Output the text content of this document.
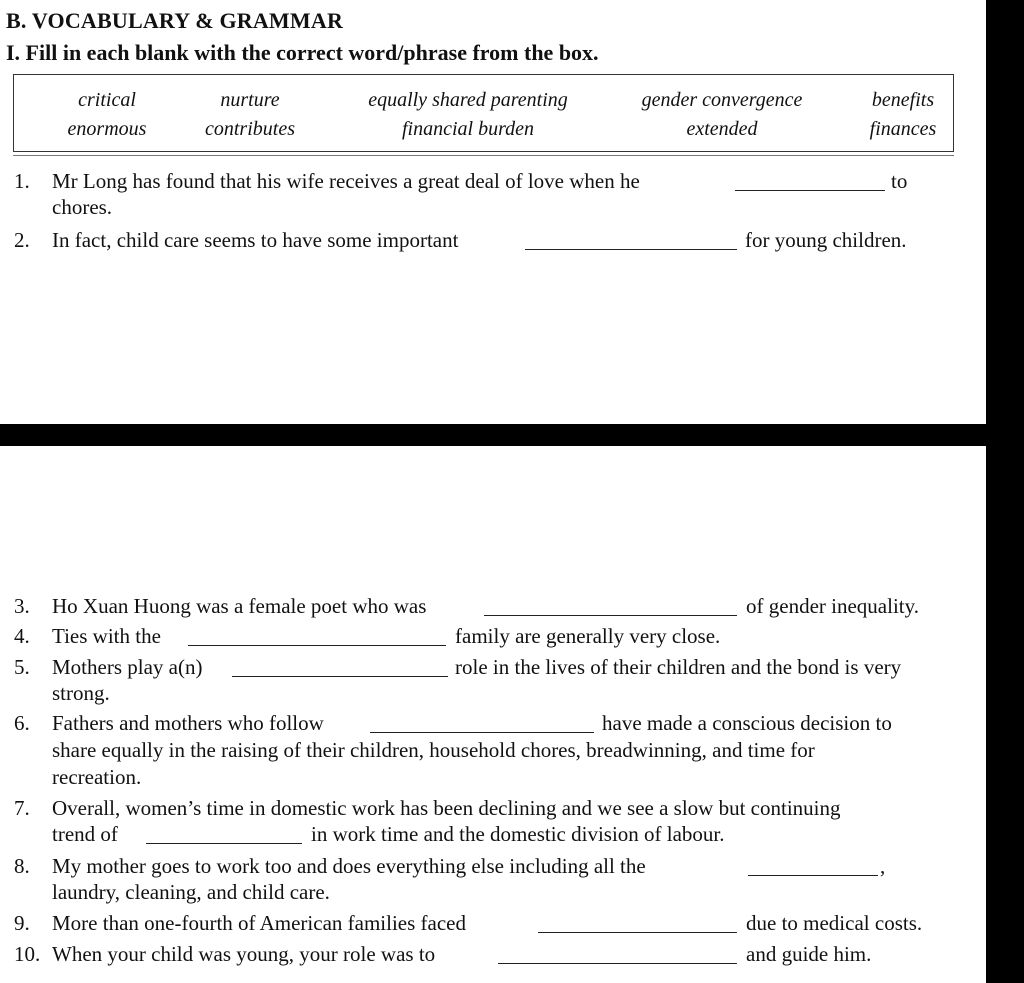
B. VOCABULARY & GRAMMAR
I. Fill in each blank with the correct word/phrase from the box.
critical	nurture	equally shared parenting	gender convergence	benefits
enormous	contributes	financial burden	extended	finances
1. Mr Long has found that his wife receives a great deal of love when he	to
chores.
2. In fact, child care seems to have some important	for young children.
3. Ho Xuan Huong was a female poet who was	of gender inequality.
4. Ties with the	family are generally very close.
5. Mothers play a(n)	role in the lives of their children and the bond is very
strong.
6. Fathers and mothers who follow	have made a conscious decision to
share equally in the raising of their children, household chores, breadwinning, and time for
recreation.
7. Overall, women’s time in domestic work has been declining and we see a slow but continuing
trend of	in work time and the domestic division of labour.
8. My mother goes to work too and does everything else including all the	,
laundry, cleaning, and child care.
9. More than one-fourth of American families faced	due to medical costs.
10. When your child was young, your role was to	and guide him.
